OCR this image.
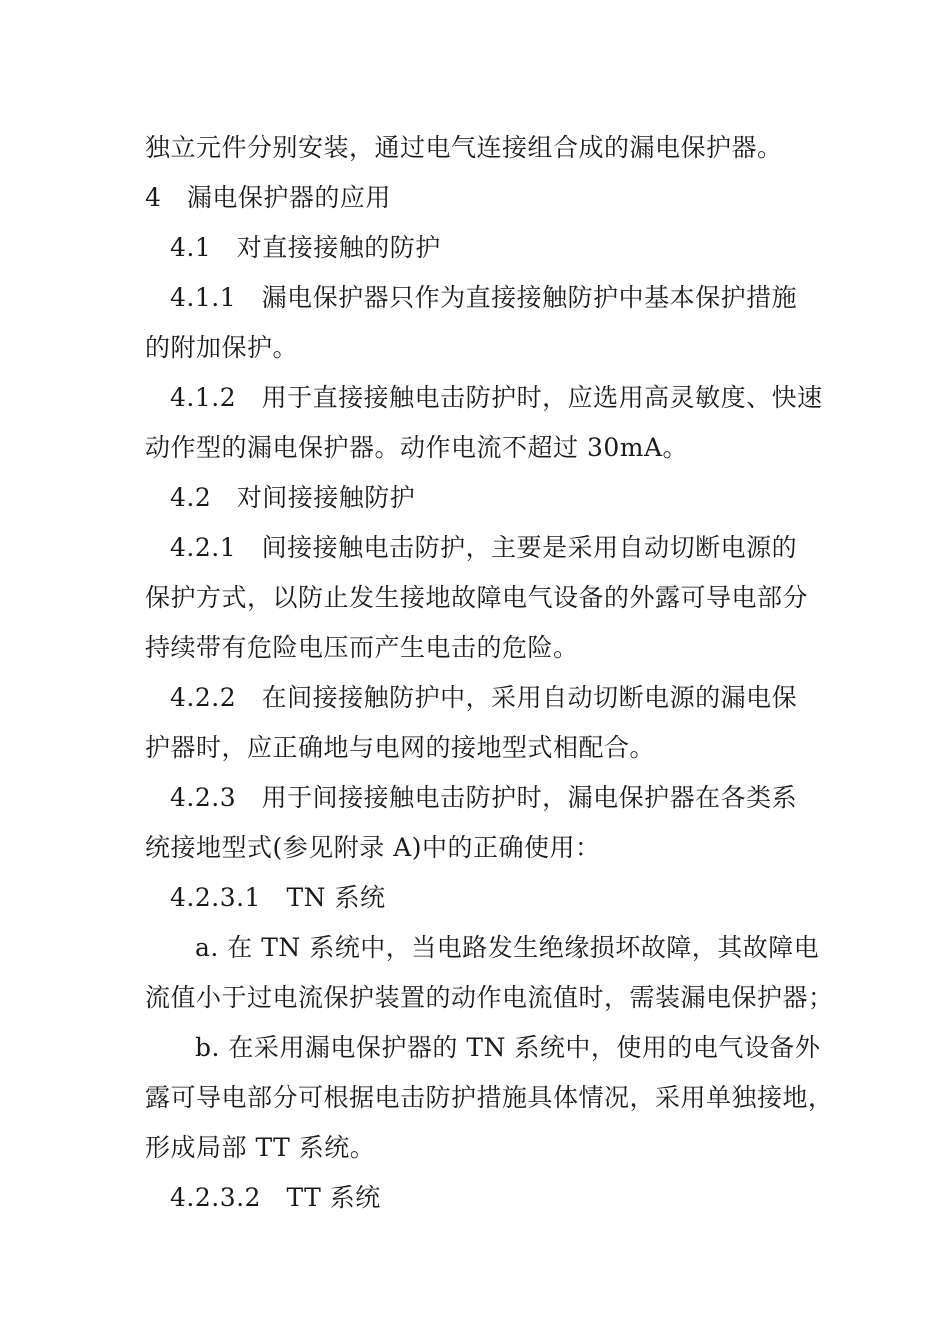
独立元件分别安装，通过电气连接组合成的漏电保护器。
4　漏电保护器的应用
4.1　对直接接触的防护
4.1.1　漏电保护器只作为直接接触防护中基本保护措施
的附加保护。
4.1.2　用于直接接触电击防护时，应选用高灵敏度、快速
动作型的漏电保护器。动作电流不超过 30mA。
4.2　对间接接触防护
4.2.1　间接接触电击防护，主要是采用自动切断电源的
保护方式，以防止发生接地故障电气设备的外露可导电部分
持续带有危险电压而产生电击的危险。
4.2.2　在间接接触防护中，采用自动切断电源的漏电保
护器时，应正确地与电网的接地型式相配合。
4.2.3　用于间接接触电击防护时，漏电保护器在各类系
统接地型式(参见附录 A)中的正确使用：
4.2.3.1　TN 系统
a. 在 TN 系统中，当电路发生绝缘损坏故障，其故障电
流值小于过电流保护装置的动作电流值时，需装漏电保护器；
b. 在采用漏电保护器的 TN 系统中，使用的电气设备外
露可导电部分可根据电击防护措施具体情况，采用单独接地，
形成局部 TT 系统。
4.2.3.2　TT 系统
